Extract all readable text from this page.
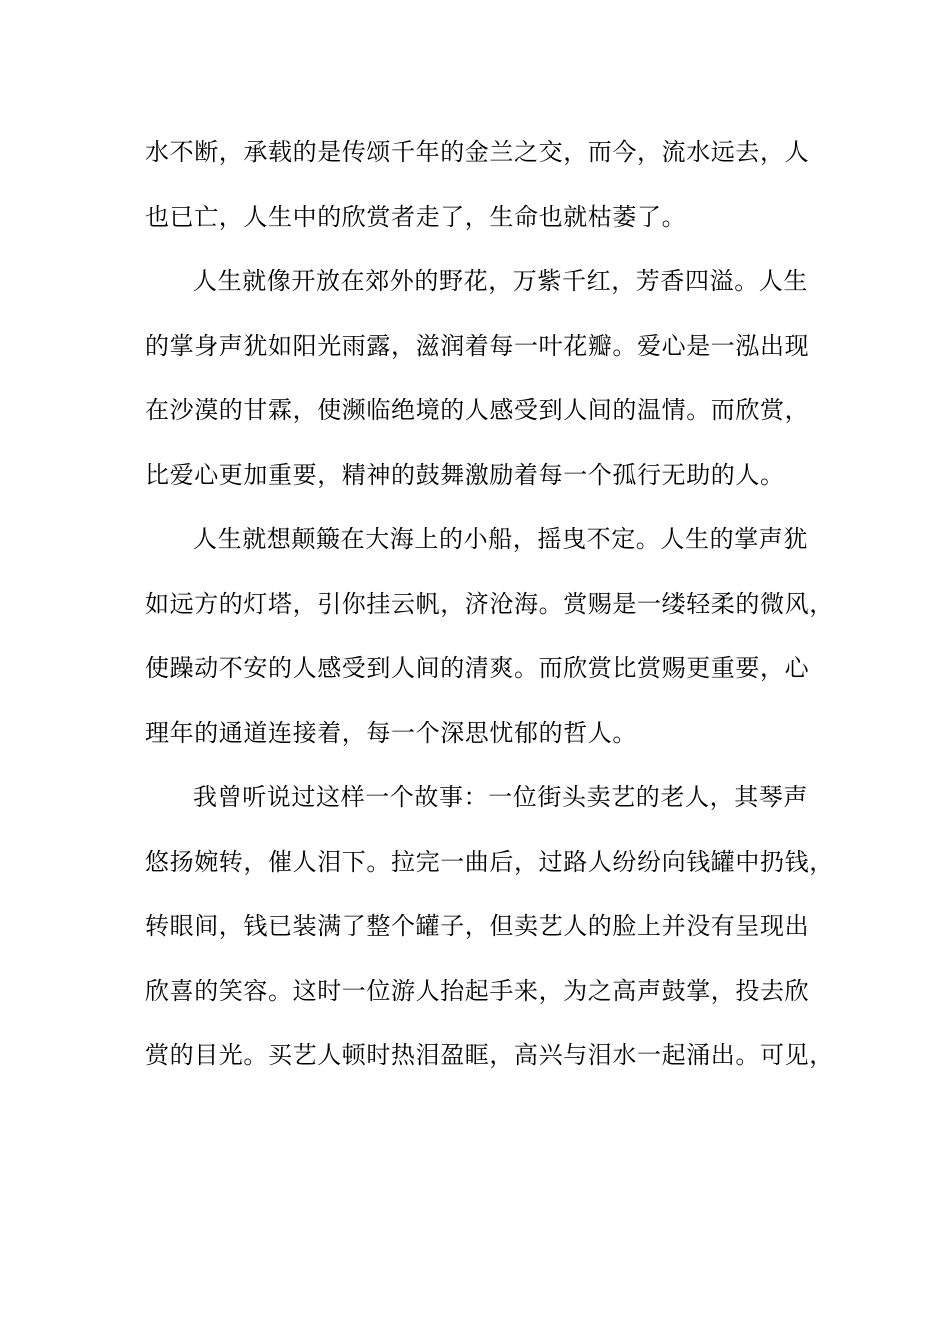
水不断，承载的是传颂千年的金兰之交，而今，流水远去，人
也已亡，人生中的欣赏者走了，生命也就枯萎了。
人生就像开放在郊外的野花，万紫千红，芳香四溢。人生
的掌身声犹如阳光雨露，滋润着每一叶花瓣。爱心是一泓出现
在沙漠的甘霖，使濒临绝境的人感受到人间的温情。而欣赏，
比爱心更加重要，精神的鼓舞激励着每一个孤行无助的人。
人生就想颠簸在大海上的小船，摇曳不定。人生的掌声犹
如远方的灯塔，引你挂云帆，济沧海。赏赐是一缕轻柔的微风，
使躁动不安的人感受到人间的清爽。而欣赏比赏赐更重要，心
理年的通道连接着，每一个深思忧郁的哲人。
我曾听说过这样一个故事：一位街头卖艺的老人，其琴声
悠扬婉转，催人泪下。拉完一曲后，过路人纷纷向钱罐中扔钱，
转眼间，钱已装满了整个罐子，但卖艺人的脸上并没有呈现出
欣喜的笑容。这时一位游人抬起手来，为之高声鼓掌，投去欣
赏的目光。买艺人顿时热泪盈眶，高兴与泪水一起涌出。可见，
